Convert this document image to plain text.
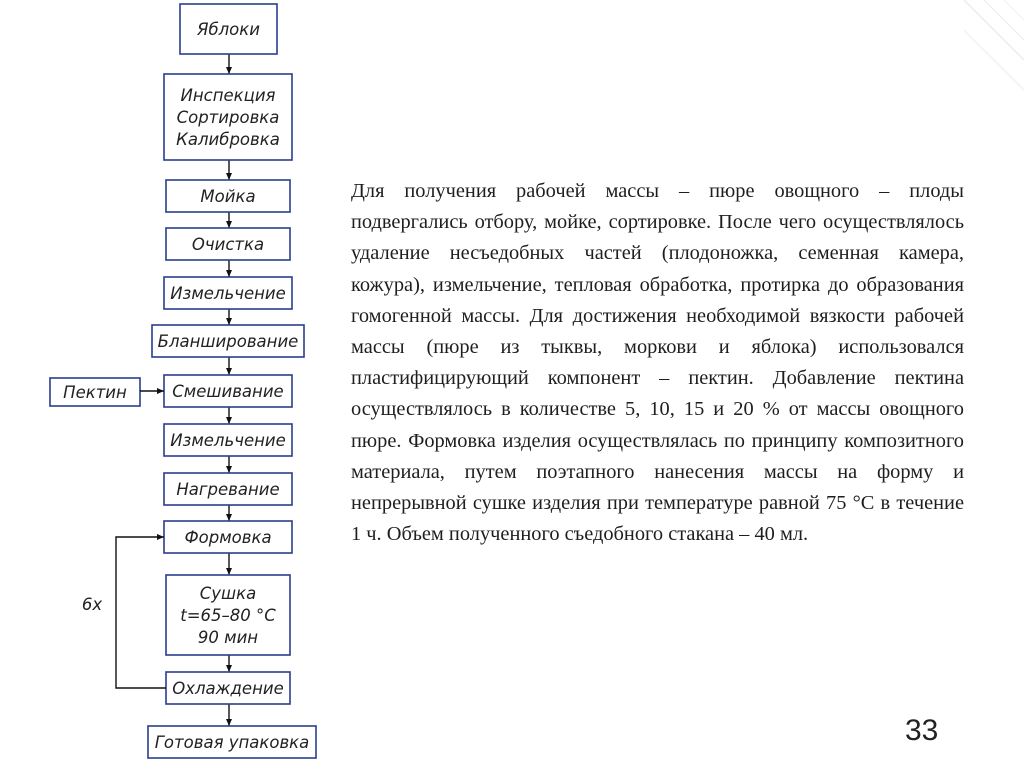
Яблоки
Инспекция
Сортировка
Калибровка
Мойка
Очистка
Измельчение
Бланширование
Смешивание
Измельчение
Нагревание
Формовка
Сушка
t=65–80 °С
90 мин
Охлаждение
Готовая упаковка
Пектин
6х

Для получения рабочей массы – пюре овощного – плоды подвергались отбору, мойке, сортировке. После чего осуществлялось удаление несъедобных частей (плодоножка, семенная камера, кожура), измельчение, тепловая обработка, протирка до образования гомогенной массы. Для достижения необходимой вязкости рабочей массы (пюре из тыквы, моркови и яблока) использовался пластифицирующий компонент – пектин. Добавление пектина осуществлялось в количестве 5, 10, 15 и 20 % от массы овощного пюре. Формовка изделия осуществлялась по принципу композитного материала, путем поэтапного нанесения массы на форму и непрерывной сушке изделия при температуре равной 75 °С в течение 1 ч. Объем полученного съедобного стакана – 40 мл.

33
